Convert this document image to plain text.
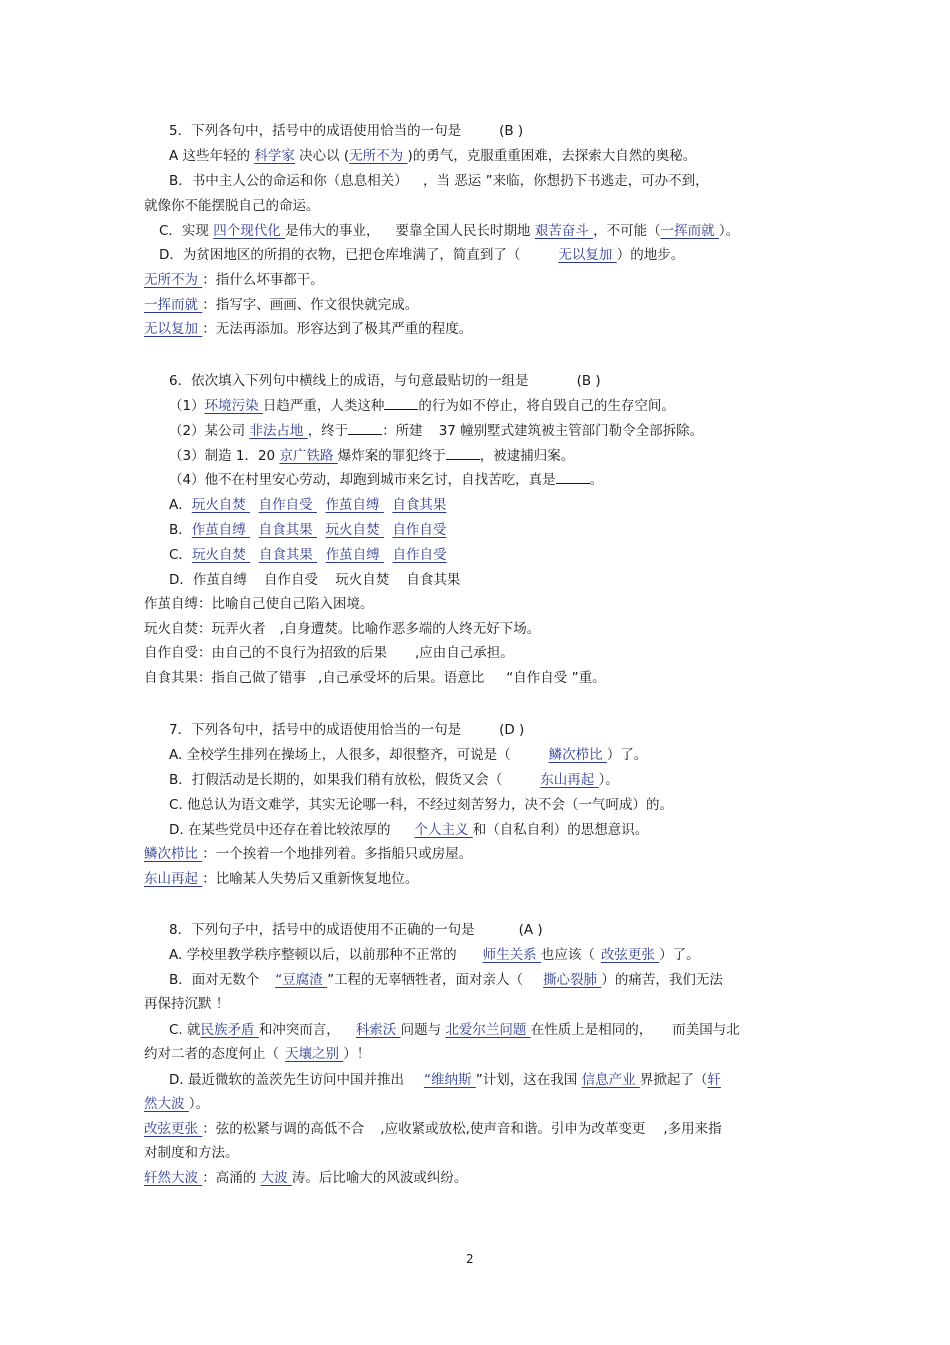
5．下列各句中，括号中的成语使用恰当的一句是	(B )
A 这些年轻的 科学家 决心以 (无所不为 )的勇气，克服重重困难，去探索大自然的奥秘。
B．书中主人公的命运和你（息息相关） ，当 恶运 ”来临，你想扔下书逃走，可办不到，
就像你不能摆脱自己的命运。
C．实现 四个现代化 是伟大的事业， 要靠全国人民长时期地 艰苦奋斗 ，不可能（一挥而就 ）。
D．为贫困地区的所捐的衣物，已把仓库堆满了，简直到了（	无以复加 ）的地步。
无所不为 ：指什么坏事都干。
一挥而就 ：指写字、画画、作文很快就完成。
无以复加 ：无法再添加。形容达到了极其严重的程度。
6．依次填入下列句中横线上的成语，与句意最贴切的一组是	(B )
（1）环境污染 日趋严重，人类这种	的行为如不停止，将自毁自己的生存空间。
（2）某公司 非法占地 ，终于	：所建 37 幢别墅式建筑被主管部门勒令全部拆除。
（3）制造 1．20 京广铁路 爆炸案的罪犯终于	，被逮捕归案。
（4）他不在村里安心劳动，却跑到城市来乞讨，自找苦吃，真是	。
A．玩火自焚   自作自受   作茧自缚   自食其果
B．作茧自缚   自食其果   玩火自焚   自作自受
C．玩火自焚   自食其果   作茧自缚   自作自受
D．作茧自缚    自作自受    玩火自焚    自食其果
作茧自缚：比喻自己使自己陷入困境。
玩火自焚：玩弄火者 ,自身遭焚。比喻作恶多端的人终无好下场。
自作自受：由自己的不良行为招致的后果 ,应由自己承担。
自食其果：指自己做了错事 ,自己承受坏的后果。语意比 “自作自受 ”重。
7．下列各句中，括号中的成语使用恰当的一句是	(D )
A. 全校学生排列在操场上，人很多，却很整齐，可说是（	鳞次栉比 ）了。
B．打假活动是长期的，如果我们稍有放松，假货又会（	东山再起 ）。
C. 他总认为语文难学，其实无论哪一科，不经过刻苦努力，决不会（一气呵成）的。
D. 在某些党员中还存在着比较浓厚的 个人主义 和（自私自利）的思想意识。
鳞次栉比 ：一个挨着一个地排列着。多指船只或房屋。
东山再起 ：比喻某人失势后又重新恢复地位。
8．下列句子中，括号中的成语使用不正确的一句是	(A )
A. 学校里教学秩序整顿以后，以前那种不正常的 师生关系 也应该（ 改弦更张 ）了。
B．面对无数个 “豆腐渣 ”工程的无辜牺牲者，面对亲人（ 撕心裂肺 ）的痛苦，我们无法
再保持沉默 ！
C. 就民族矛盾 和冲突而言， 科索沃 问题与 北爱尔兰问题 在性质上是相同的， 而美国与北
约对二者的态度何止（ 天壤之别 ）！
D. 最近微软的盖茨先生访问中国并推出 “维纳斯 ”计划，这在我国 信息产业 界掀起了（轩
然大波 ）。
改弦更张 ：弦的松紧与调的高低不合 ,应收紧或放松,使声音和谐。引申为改革变更 ,多用来指
对制度和方法。
轩然大波 ：高涌的 大波 涛。后比喻大的风波或纠纷。
2
